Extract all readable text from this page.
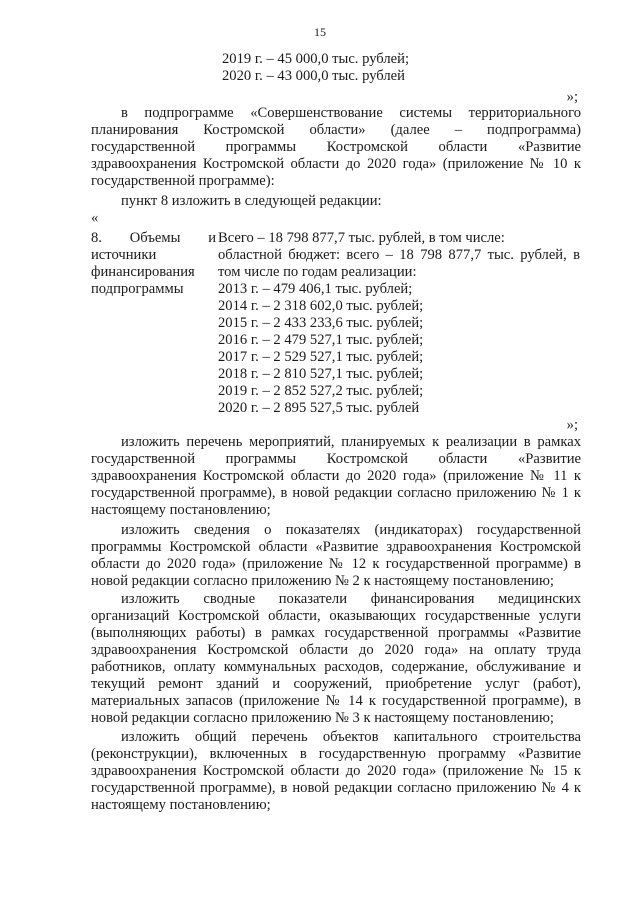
15
2019 г. – 45 000,0 тыс. рублей;
2020 г. – 43 000,0 тыс. рублей
»;
в подпрограмме «Совершенствование системы территориального планирования Костромской области» (далее – подпрограмма) государственной программы Костромской области «Развитие здравоохранения Костромской области до 2020 года» (приложение № 10 к государственной программе):
пункт 8 изложить в следующей редакции:
«
8. Объемы и
источники
финансирования
подпрограммы
Всего – 18 798 877,7 тыс. рублей, в том числе:
областной бюджет: всего – 18 798 877,7 тыс. рублей, в том числе по годам реализации:
2013 г. – 479 406,1 тыс. рублей;
2014 г. – 2 318 602,0 тыс. рублей;
2015 г. – 2 433 233,6 тыс. рублей;
2016 г. – 2 479 527,1 тыс. рублей;
2017 г. – 2 529 527,1 тыс. рублей;
2018 г. – 2 810 527,1 тыс. рублей;
2019 г. – 2 852 527,2 тыс. рублей;
2020 г. – 2 895 527,5 тыс. рублей
»;
изложить перечень мероприятий, планируемых к реализации в рамках государственной программы Костромской области «Развитие здравоохранения Костромской области до 2020 года» (приложение № 11 к государственной программе), в новой редакции согласно приложению № 1 к настоящему постановлению;
изложить сведения о показателях (индикаторах) государственной программы Костромской области «Развитие здравоохранения Костромской области до 2020 года» (приложение № 12 к государственной программе) в новой редакции согласно приложению № 2 к настоящему постановлению;
изложить сводные показатели финансирования медицинских организаций Костромской области, оказывающих государственные услуги (выполняющих работы) в рамках государственной программы «Развитие здравоохранения Костромской области до 2020 года» на оплату труда работников, оплату коммунальных расходов, содержание, обслуживание и текущий ремонт зданий и сооружений, приобретение услуг (работ), материальных запасов (приложение № 14 к государственной программе), в новой редакции согласно приложению № 3 к настоящему постановлению;
изложить общий перечень объектов капитального строительства (реконструкции), включенных в государственную программу «Развитие здравоохранения Костромской области до 2020 года» (приложение № 15 к государственной программе), в новой редакции согласно приложению № 4 к настоящему постановлению;
